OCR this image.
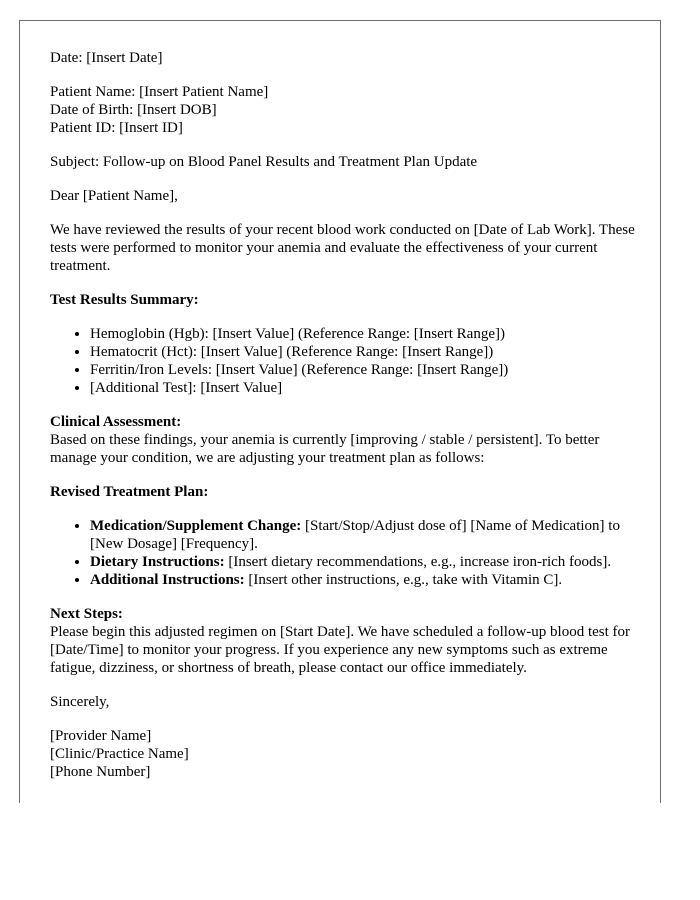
Date: [Insert Date]

Patient Name: [Insert Patient Name]
Date of Birth: [Insert DOB]
Patient ID: [Insert ID]

Subject: Follow-up on Blood Panel Results and Treatment Plan Update

Dear [Patient Name],

We have reviewed the results of your recent blood work conducted on [Date of Lab Work]. These tests were performed to monitor your anemia and evaluate the effectiveness of your current treatment.

Test Results Summary:

• Hemoglobin (Hgb): [Insert Value] (Reference Range: [Insert Range])
• Hematocrit (Hct): [Insert Value] (Reference Range: [Insert Range])
• Ferritin/Iron Levels: [Insert Value] (Reference Range: [Insert Range])
• [Additional Test]: [Insert Value]

Clinical Assessment:
Based on these findings, your anemia is currently [improving / stable / persistent]. To better manage your condition, we are adjusting your treatment plan as follows:

Revised Treatment Plan:

• Medication/Supplement Change: [Start/Stop/Adjust dose of] [Name of Medication] to [New Dosage] [Frequency].
• Dietary Instructions: [Insert dietary recommendations, e.g., increase iron-rich foods].
• Additional Instructions: [Insert other instructions, e.g., take with Vitamin C].

Next Steps:
Please begin this adjusted regimen on [Start Date]. We have scheduled a follow-up blood test for [Date/Time] to monitor your progress. If you experience any new symptoms such as extreme fatigue, dizziness, or shortness of breath, please contact our office immediately.

Sincerely,

[Provider Name]
[Clinic/Practice Name]
[Phone Number]
